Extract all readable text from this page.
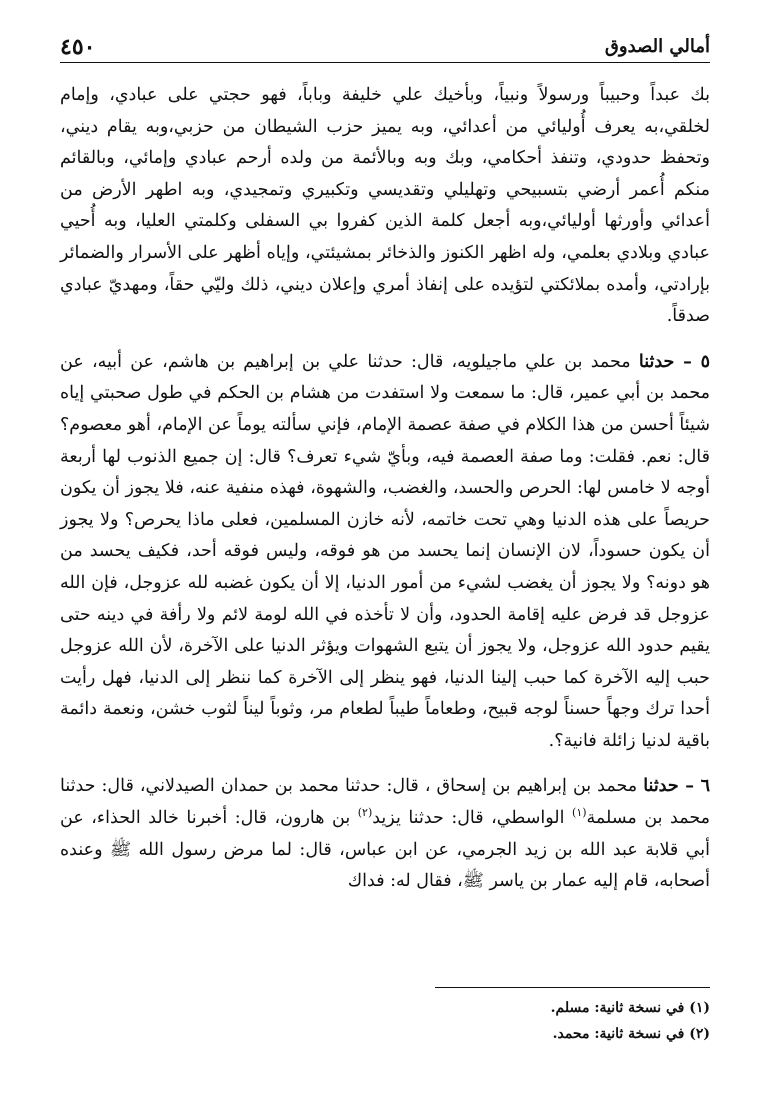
أمالي الصدوق
٤٥٠

بك عبداً وحبيباً ورسولاً ونبياً، وبأخيك علي خليفة وباباً، فهو حجتي على عبادي، وإمام لخلقي،به يعرف أُوليائي من أعدائي، وبه يميز حزب الشيطان من حزبي،وبه يقام ديني، وتحفظ حدودي، وتنفذ أحكامي، وبك وبه وبالأئمة من ولده أرحم عبادي وإمائي، وبالقائم منكم أُعمر أرضي بتسبيحي وتهليلي وتقديسي وتكبيري وتمجيدي، وبه اطهر الأرض من أعدائي وأورثها أوليائي،وبه أجعل كلمة الذين كفروا بي السفلى وكلمتي العليا، وبه أُحيي عبادي وبلادي بعلمي، وله اظهر الكنوز والذخائر بمشيئتي، وإياه أظهر على الأسرار والضمائر بإرادتي، وأمده بملائكتي لتؤيده على إنفاذ أمري وإعلان ديني، ذلك وليّي حقاً، ومهديّ عبادي صدقاً.

٥ – حدثنا محمد بن علي ماجيلويه، قال: حدثنا علي بن إبراهيم بن هاشم، عن أبيه، عن محمد بن أبي عمير، قال: ما سمعت ولا استفدت من هشام بن الحكم في طول صحبتي إياه شيئاً أحسن من هذا الكلام في صفة عصمة الإمام، فإني سألته يوماً عن الإمام، أهو معصوم؟ قال: نعم. فقلت: وما صفة العصمة فيه، وبأيّ شيء تعرف؟ قال: إن جميع الذنوب لها أربعة أوجه لا خامس لها: الحرص والحسد، والغضب، والشهوة، فهذه منفية عنه، فلا يجوز أن يكون حريصاً على هذه الدنيا وهي تحت خاتمه، لأنه خازن المسلمين، فعلى ماذا يحرص؟ ولا يجوز أن يكون حسوداً، لان الإنسان إنما يحسد من هو فوقه، وليس فوقه أحد، فكيف يحسد من هو دونه؟ ولا يجوز أن يغضب لشيء من أمور الدنيا، إلا أن يكون غضبه لله عزوجل، فإن الله عزوجل قد فرض عليه إقامة الحدود، وأن لا تأخذه في الله لومة لائم ولا رأفة في دينه حتى يقيم حدود الله عزوجل، ولا يجوز أن يتبع الشهوات ويؤثر الدنيا على الآخرة، لأن الله عزوجل حبب إليه الآخرة كما حبب إلينا الدنيا، فهو ينظر إلى الآخرة كما ننظر إلى الدنيا، فهل رأيت أحدا ترك وجهاً حسناً لوجه قبيح، وطعاماً طيباً لطعام مر، وثوباً ليناً لثوب خشن، ونعمة دائمة باقية لدنيا زائلة فانية؟.

٦ – حدثنا محمد بن إبراهيم بن إسحاق ، قال: حدثنا محمد بن حمدان الصيدلاني، قال: حدثنا محمد بن مسلمة$^{(١)}$ الواسطي، قال: حدثنا يزيد$^{(٢)}$ بن هارون، قال: أخبرنا خالد الحذاء، عن أبي قلابة عبد الله بن زيد الجرمي، عن ابن عباس، قال: لما مرض رسول الله ﷺ وعنده أصحابه، قام إليه عمار بن ياسر ﷺ، فقال له: فداك

(١) في نسخة ثانية: مسلم.

(٢) في نسخة ثانية: محمد.
